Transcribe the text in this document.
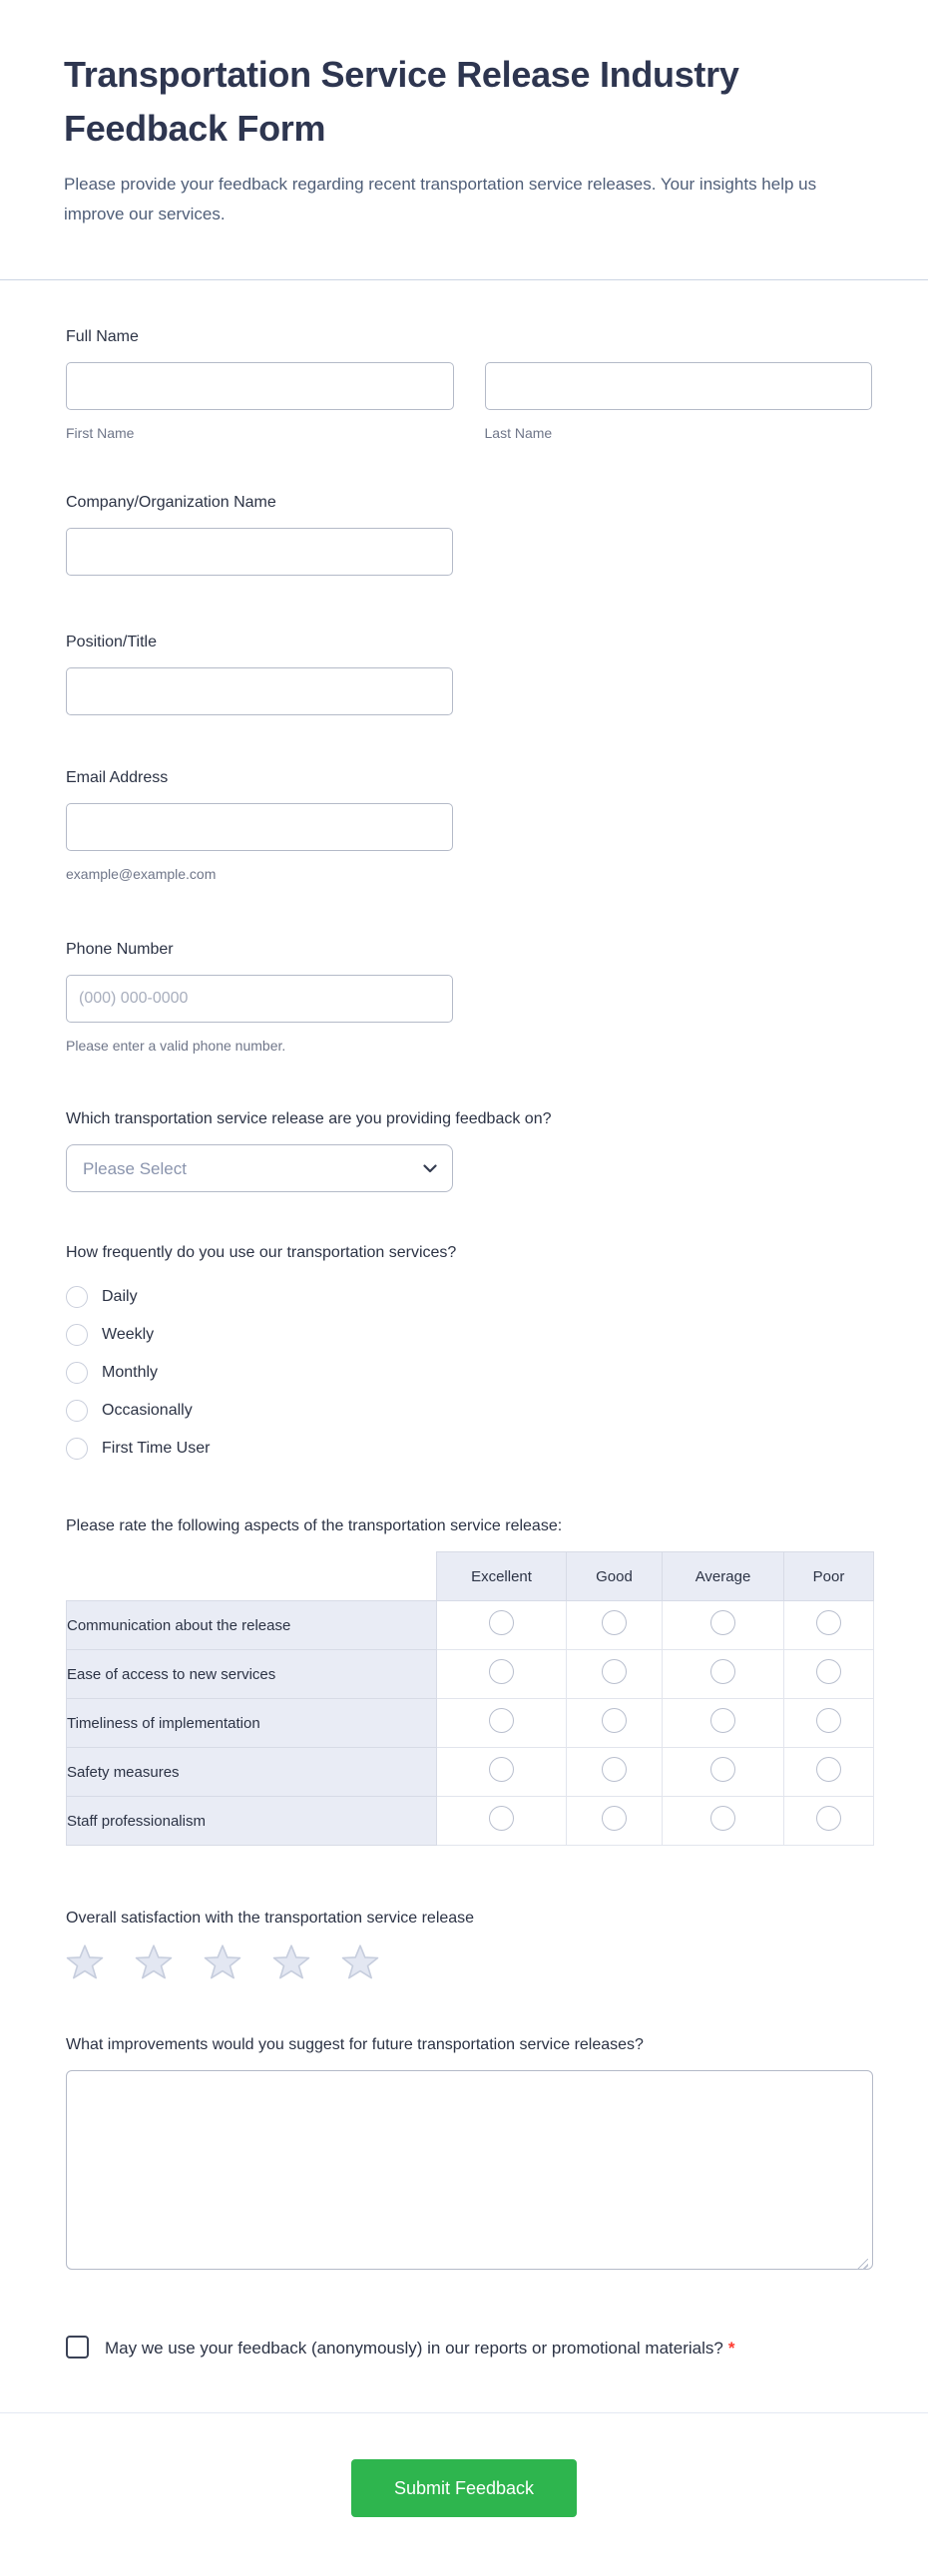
Transportation Service Release Industry Feedback Form
Please provide your feedback regarding recent transportation service releases. Your insights help us improve our services.
Full Name
First Name	Last Name
Company/Organization Name
Position/Title
Email Address
example@example.com
Phone Number
(000) 000-0000
Please enter a valid phone number.
Which transportation service release are you providing feedback on?
Please Select
How frequently do you use our transportation services?
Daily
Weekly
Monthly
Occasionally
First Time User
Please rate the following aspects of the transportation service release:
	Excellent	Good	Average	Poor
Communication about the release				
Ease of access to new services				
Timeliness of implementation				
Safety measures				
Staff professionalism				
Overall satisfaction with the transportation service release
What improvements would you suggest for future transportation service releases?
May we use your feedback (anonymously) in our reports or promotional materials? *
Submit Feedback
